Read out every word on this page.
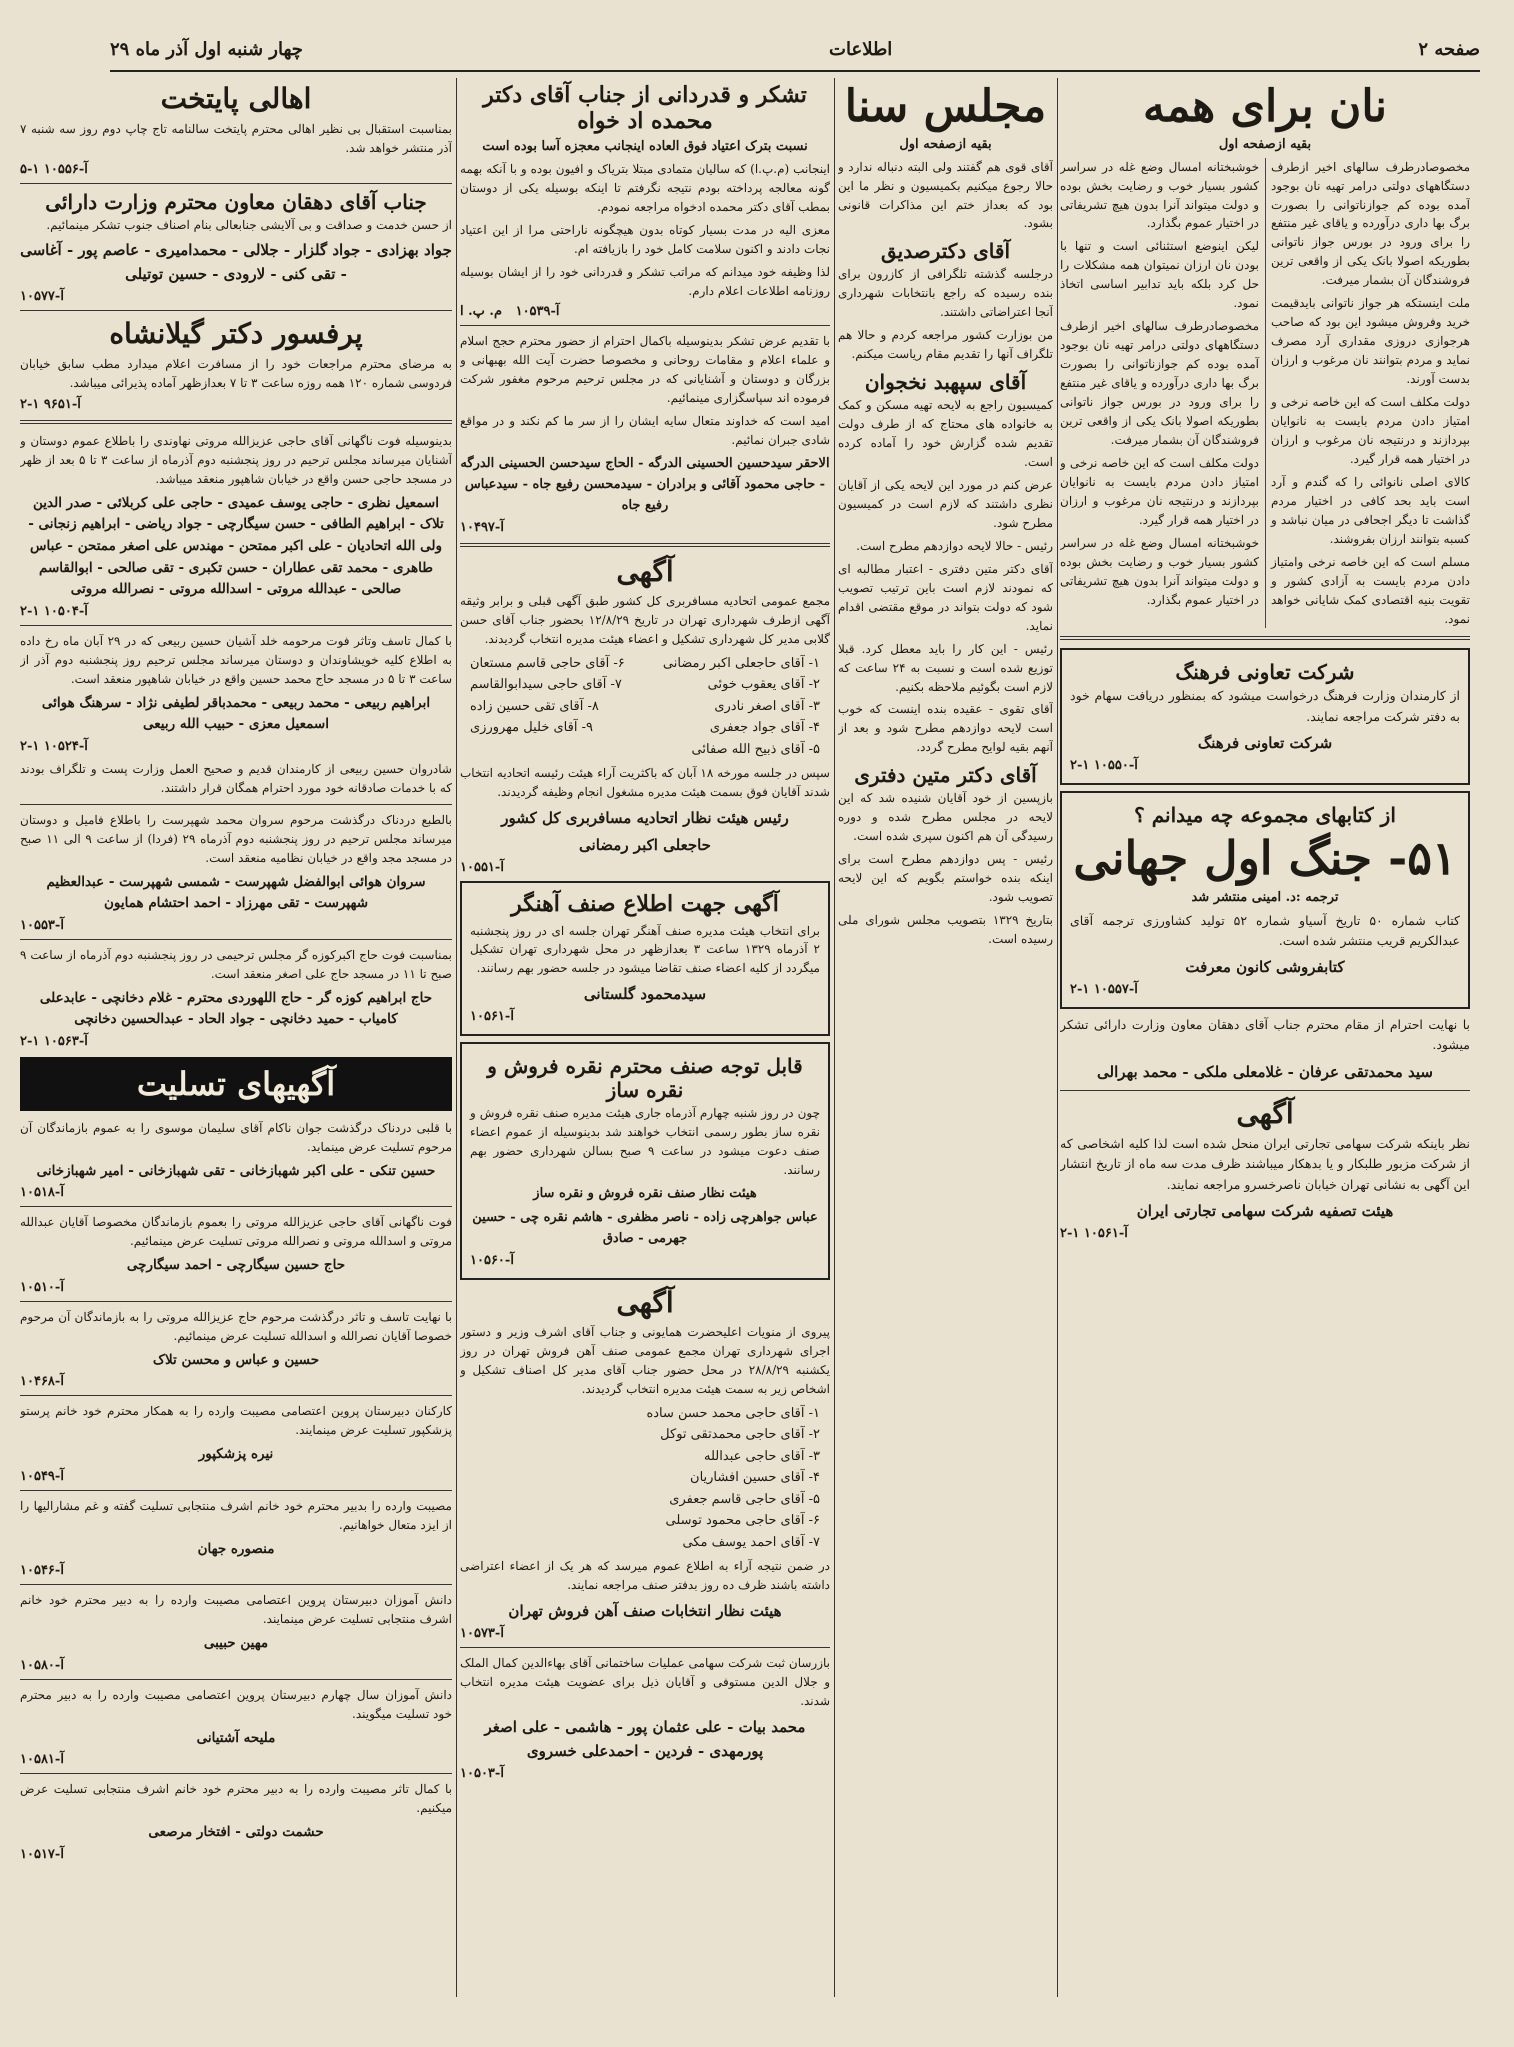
صفحه ۲
اطلاعات
چهار شنبه اول آذر ماه ۲۹
نان برای همه
بقیه ازصفحه اول

مخصوصادرطرف سالهای اخیر ازطرف دستگاههای دولتی درامر تهیه نان بوجود آمده بوده کم جوازناتوانی را بصورت برگ بها داری درآورده و یاقای غیر منتفع را برای ورود در بورس جواز ناتوانی بطوریکه اصولا بانک یکی از واقعی ترین فروشندگان آن بشمار میرفت.

ملت اینستکه هر جواز ناتوانی بایدقیمت خرید وفروش میشود این بود که صاحب هرجوازی دروزی مقداری آرد مصرف نماید و مردم بتوانند نان مرغوب و ارزان بدست آورند.

دولت مکلف است که این خاصه نرخی و امتیاز دادن مردم بایست به نانوایان بپردازند و درنتیجه نان مرغوب و ارزان در اختیار همه قرار گیرد.

کالای اصلی نانوائی را که گندم و آرد است باید بحد کافی در اختیار مردم گذاشت تا دیگر اجحافی در میان نباشد و کسبه بتوانند ارزان بفروشند.

مسلم است که این خاصه نرخی وامتیاز دادن مردم بایست به آزادی کشور و تقویت بنیه اقتصادی کمک شایانی خواهد نمود.

خوشبختانه امسال وضع غله در سراسر کشور بسیار خوب و رضایت بخش بوده و دولت میتواند آنرا بدون هیچ تشریفاتی در اختیار عموم بگذارد.

لیکن اینوضع استثنائی است و تنها با بودن نان ارزان نمیتوان همه مشکلات را حل کرد بلکه باید تدابیر اساسی اتخاذ نمود.

مخصوصادرطرف سالهای اخیر ازطرف دستگاههای دولتی درامر تهیه نان بوجود آمده بوده کم جوازناتوانی را بصورت برگ بها داری درآورده و یاقای غیر منتفع را برای ورود در بورس جواز ناتوانی بطوریکه اصولا بانک یکی از واقعی ترین فروشندگان آن بشمار میرفت.

دولت مکلف است که این خاصه نرخی و امتیاز دادن مردم بایست به نانوایان بپردازند و درنتیجه نان مرغوب و ارزان در اختیار همه قرار گیرد.

خوشبختانه امسال وضع غله در سراسر کشور بسیار خوب و رضایت بخش بوده و دولت میتواند آنرا بدون هیچ تشریفاتی در اختیار عموم بگذارد.

شرکت تعاونی فرهنگ

از کارمندان وزارت فرهنگ درخواست میشود که بمنظور دریافت سهام خود به دفتر شرکت مراجعه نمایند.

شرکت تعاونی فرهنگ
آ-۱۰۵۵۰ ۱-۲
از کتابهای مجموعه چه میدانم ؟
۵۱- جنگ اول جهانی
ترجمه :د. امینی منتشر شد

کتاب شماره ۵۰ تاریخ آسیاو شماره ۵۲ تولید کشاورزی ترجمه آقای عبدالکریم قریب منتشر شده است.

کتابفروشی کانون معرفت
آ-۱۰۵۵۷ ۱-۲

با نهایت احترام از مقام محترم جناب آقای دهقان معاون وزارت دارائی تشکر میشود.

سید محمدتقی عرفان - غلامعلی ملکی - محمد بهرالی
آگهی

نظر باینکه شرکت سهامی تجارتی ایران منحل شده است لذا کلیه اشخاصی که از شرکت مزبور طلبکار و یا بدهکار میباشند ظرف مدت سه ماه از تاریخ انتشار این آگهی به نشانی تهران خیابان ناصرخسرو مراجعه نمایند.

هیئت تصفیه شرکت سهامی تجارتی ایران
آ-۱۰۵۶۱ ۱-۲
مجلس سنا
بقیه ازصفحه اول

آقای قوی هم گفتند ولی البته دنباله ندارد و حالا رجوع میکنیم بکمیسیون و نظر ما این بود که بعداز ختم این مذاکرات قانونی بشود.

آقای دکترصدیق

درجلسه گذشته تلگرافی از کازرون برای بنده رسیده که راجع بانتخابات شهرداری آنجا اعتراضاتی داشتند.

من بوزارت کشور مراجعه کردم و حالا هم تلگراف آنها را تقدیم مقام ریاست میکنم.

آقای سپهبد نخجوان

کمیسیون راجع به لایحه تهیه مسکن و کمک به خانواده های محتاج که از طرف دولت تقدیم شده گزارش خود را آماده کرده است.

عرض کنم در مورد این لایحه یکی از آقایان نظری داشتند که لازم است در کمیسیون مطرح شود.

رئیس - حالا لایحه دوازدهم مطرح است.

آقای دکتر متین دفتری - اعتبار مطالبه ای که نمودند لازم است باین ترتیب تصویب شود که دولت بتواند در موقع مقتضی اقدام نماید.

رئیس - این کار را باید معطل کرد. قبلا توزیع شده است و نسبت به ۲۴ ساعت که لازم است بگوئیم ملاحظه بکنیم.

آقای تقوی - عقیده بنده اینست که خوب است لایحه دوازدهم مطرح شود و بعد از آنهم بقیه لوایح مطرح گردد.

آقای دکتر متین دفتری

بازپسین از خود آقایان شنیده شد که این لایحه در مجلس مطرح شده و دوره رسیدگی آن هم اکنون سپری شده است.

رئیس - پس دوازدهم مطرح است برای اینکه بنده خواستم بگویم که این لایحه تصویب شود.

بتاریخ ۱۳۲۹ بتصویب مجلس شورای ملی رسیده است.

تشکر و قدردانی از جناب آقای دکتر محمده اد خواه
نسبت بترک اعتیاد فوق العاده اینجانب معجزه آسا بوده است

اینجانب (م.پ.ا) که سالیان متمادی مبتلا بتریاک و افیون بوده و با آنکه بهمه گونه معالجه پرداخته بودم نتیجه نگرفتم تا اینکه بوسیله یکی از دوستان بمطب آقای دکتر محمده ادخواه مراجعه نمودم.

معزی الیه در مدت بسیار کوتاه بدون هیچگونه ناراحتی مرا از این اعتیاد نجات دادند و اکنون سلامت کامل خود را بازیافته ام.

لذا وظیفه خود میدانم که مراتب تشکر و قدردانی خود را از ایشان بوسیله روزنامه اطلاعات اعلام دارم.

آ-۱۰۵۳۹   م. پ. ا

با تقدیم عرض تشکر بدینوسیله باکمال احترام از حضور محترم حجج اسلام و علماء اعلام و مقامات روحانی و مخصوصا حضرت آیت الله بهبهانی و بزرگان و دوستان و آشنایانی که در مجلس ترحیم مرحوم مغفور شرکت فرموده اند سپاسگزاری مینمائیم.

امید است که خداوند متعال سایه ایشان را از سر ما کم نکند و در مواقع شادی جبران نمائیم.

الاحقر سیدحسین الحسینی الدرگه - الحاج سیدحسن الحسینی الدرگه - حاجی محمود آقائی و برادران - سیدمحسن رفیع جاه - سیدعباس رفیع جاه
آ-۱۰۴۹۷
آگهی

مجمع عمومی اتحادیه مسافربری کل کشور طبق آگهی قبلی و برابر وثیقه آگهی ازطرف شهرداری تهران در تاریخ ۱۲/۸/۲۹ بحضور جناب آقای حسن گلابی مدیر کل شهرداری تشکیل و اعضاء هیئت مدیره انتخاب گردیدند.

۱- آقای حاجعلی اکبر رمضانی
۶- آقای حاجی قاسم مستعان
۲- آقای یعقوب خوئی
۷- آقای حاجی سیدابوالقاسم
۳- آقای اصغر نادری
۸- آقای تقی حسین زاده
۴- آقای جواد جعفری
۹- آقای خلیل مهرورزی
۵- آقای ذبیح الله صفائی

سپس در جلسه مورخه ۱۸ آبان که باکثریت آراء هیئت رئیسه اتحادیه انتخاب شدند آقایان فوق بسمت هیئت مدیره مشغول انجام وظیفه گردیدند.

رئیس هیئت نظار اتحادیه مسافربری کل کشور
حاجعلی اکبر رمضانی
آ-۱۰۵۵۱
آگهی جهت اطلاع صنف آهنگر

برای انتخاب هیئت مدیره صنف آهنگر تهران جلسه ای در روز پنجشنبه ۲ آذرماه ۱۳۲۹ ساعت ۳ بعدازظهر در محل شهرداری تهران تشکیل میگردد از کلیه اعضاء صنف تقاضا میشود در جلسه حضور بهم رسانند.

سیدمحمود گلستانی
آ-۱۰۵۶۱
قابل توجه صنف محترم نقره فروش و نقره ساز

چون در روز شنبه چهارم آذرماه جاری هیئت مدیره صنف نقره فروش و نقره ساز بطور رسمی انتخاب خواهند شد بدینوسیله از عموم اعضاء صنف دعوت میشود در ساعت ۹ صبح بسالن شهرداری حضور بهم رسانند.

هیئت نظار صنف نقره فروش و نقره ساز
عباس جواهرچی زاده - ناصر مظفری - هاشم نقره چی - حسین جهرمی - صادق
آ-۱۰۵۶۰
آگهی

پیروی از منویات اعلیحضرت همایونی و جناب آقای اشرف وزیر و دستور اجرای شهرداری تهران مجمع عمومی صنف آهن فروش تهران در روز یکشنبه ۲۸/۸/۲۹ در محل حضور جناب آقای مدیر کل اصناف تشکیل و اشخاص زیر به سمت هیئت مدیره انتخاب گردیدند.

۱- آقای حاجی محمد حسن ساده
۲- آقای حاجی محمدتقی توکل
۳- آقای حاجی عبدالله
۴- آقای حسین افشاریان
۵- آقای حاجی قاسم جعفری
۶- آقای حاجی محمود توسلی
۷- آقای احمد یوسف مکی

در ضمن نتیجه آراء به اطلاع عموم میرسد که هر یک از اعضاء اعتراضی داشته باشند ظرف ده روز بدفتر صنف مراجعه نمایند.

هیئت نظار انتخابات صنف آهن فروش تهران
آ-۱۰۵۷۳

بازرسان ثبت شرکت سهامی عملیات ساختمانی آقای بهاءالدین کمال الملک و جلال الدین مستوفی و آقایان ذیل برای عضویت هیئت مدیره انتخاب شدند.

محمد بیات - علی عثمان پور - هاشمی - علی اصغر پورمهدی - فردین - احمدعلی خسروی
آ-۱۰۵۰۳
اهالی پایتخت

بمناسبت استقبال بی نظیر اهالی محترم پایتخت سالنامه تاج چاپ دوم روز سه شنبه ۷ آذر منتشر خواهد شد.

آ-۱۰۵۵۶ ۱-۵
جناب آقای دهقان معاون محترم وزارت دارائی

از حسن خدمت و صداقت و بی آلایشی جنابعالی بنام اصناف جنوب تشکر مینمائیم.

جواد بهزادی - جواد گلزار - جلالی - محمدامیری - عاصم پور - آغاسی - تقی کنی - لارودی - حسین توتیلی
آ-۱۰۵۷۷
پرفسور دکتر گیلانشاه

به مرضای محترم مراجعات خود را از مسافرت اعلام میدارد مطب سابق خیابان فردوسی شماره ۱۲۰ همه روزه ساعت ۳ تا ۷ بعدازظهر آماده پذیرائی میباشد.

آ-۹۶۵۱ ۱-۲

بدینوسیله فوت ناگهانی آقای حاجی عزیزالله مروتی نهاوندی را باطلاع عموم دوستان و آشنایان میرساند مجلس ترحیم در روز پنجشنبه دوم آذرماه از ساعت ۳ تا ۵ بعد از ظهر در مسجد حاجی حسن واقع در خیابان شاهپور منعقد میباشد.

اسمعیل نظری - حاجی یوسف عمیدی - حاجی علی کربلائی - صدر الدین تلاک - ابراهیم الطافی - حسن سیگارچی - جواد ریاضی - ابراهیم زنجانی - ولی الله اتحادیان - علی اکبر ممتحن - مهندس علی اصغر ممتحن - عباس طاهری - محمد تقی عطاران - حسن تکبری - تقی صالحی - ابوالقاسم صالحی - عبدالله مروتی - اسدالله مروتی - نصرالله مروتی
آ-۱۰۵۰۴ ۱-۲

با کمال تاسف وتاثر فوت مرحومه خلد آشیان حسین ربیعی که در ۲۹ آبان ماه رخ داده به اطلاع کلیه خویشاوندان و دوستان میرساند مجلس ترحیم روز پنجشنبه دوم آذر از ساعت ۳ تا ۵ در مسجد حاج محمد حسین واقع در خیابان شاهپور منعقد است.

ابراهیم ربیعی - محمد ربیعی - محمدباقر لطیفی نژاد - سرهنگ هوائی اسمعیل معزی - حبیب الله ربیعی
آ-۱۰۵۲۴ ۱-۲

شادروان حسین ربیعی از کارمندان قدیم و صحیح العمل وزارت پست و تلگراف بودند که با خدمات صادقانه خود مورد احترام همگان قرار داشتند.

بالطبع دردناک درگذشت مرحوم سروان محمد شهپرست را باطلاع فامیل و دوستان میرساند مجلس ترحیم در روز پنجشنبه دوم آذرماه ۲۹ (فردا) از ساعت ۹ الی ۱۱ صبح در مسجد مجد واقع در خیابان نظامیه منعقد است.

سروان هوائی ابوالفضل شهپرست - شمسی شهپرست - عبدالعظیم شهپرست - تقی مهرزاد - احمد احتشام همایون
آ-۱۰۵۵۳

بمناسبت فوت حاج اکبرکوزه گر مجلس ترحیمی در روز پنجشنبه دوم آذرماه از ساعت ۹ صبح تا ۱۱ در مسجد حاج علی اصغر منعقد است.

حاج ابراهیم کوزه گر - حاج اللهوردی محترم - غلام دخانچی - عابدعلی کامیاب - حمید دخانچی - جواد الحاد - عبدالحسین دخانچی
آ-۱۰۵۶۳ ۱-۲
آگهیهای تسلیت

با قلبی دردناک درگذشت جوان ناکام آقای سلیمان موسوی را به عموم بازماندگان آن مرحوم تسلیت عرض مینماید.

حسین تنکی - علی اکبر شهبازخانی - تقی شهبازخانی - امیر شهبازخانی
آ-۱۰۵۱۸

فوت ناگهانی آقای حاجی عزیزالله مروتی را بعموم بازماندگان مخصوصا آقایان عبدالله مروتی و اسدالله مروتی و نصرالله مروتی تسلیت عرض مینمائیم.

حاج حسین سیگارچی - احمد سیگارچی
آ-۱۰۵۱۰

با نهایت تاسف و تاثر درگذشت مرحوم حاج عزیزالله مروتی را به بازماندگان آن مرحوم خصوصا آقایان نصرالله و اسدالله تسلیت عرض مینمائیم.

حسین و عباس و محسن تلاک
آ-۱۰۴۶۸

کارکنان دبیرستان پروین اعتصامی مصیبت وارده را به همکار محترم خود خانم پرستو پزشکپور تسلیت عرض مینمایند.

نیره پزشکپور
آ-۱۰۵۴۹

مصیبت وارده را بدبیر محترم خود خانم اشرف منتجابی تسلیت گفته و غم مشارالیها را از ایزد متعال خواهانیم.

منصوره جهان
آ-۱۰۵۴۶

دانش آموزان دبیرستان پروین اعتصامی مصیبت وارده را به دبیر محترم خود خانم اشرف منتجابی تسلیت عرض مینمایند.

مهین حبیبی
آ-۱۰۵۸۰

دانش آموزان سال چهارم دبیرستان پروین اعتصامی مصیبت وارده را به دبیر محترم خود تسلیت میگویند.

ملیحه آشتیانی
آ-۱۰۵۸۱

با کمال تاثر مصیبت وارده را به دبیر محترم خود خانم اشرف منتجابی تسلیت عرض میکنیم.

حشمت دولتی - افتخار مرصعی
آ-۱۰۵۱۷
